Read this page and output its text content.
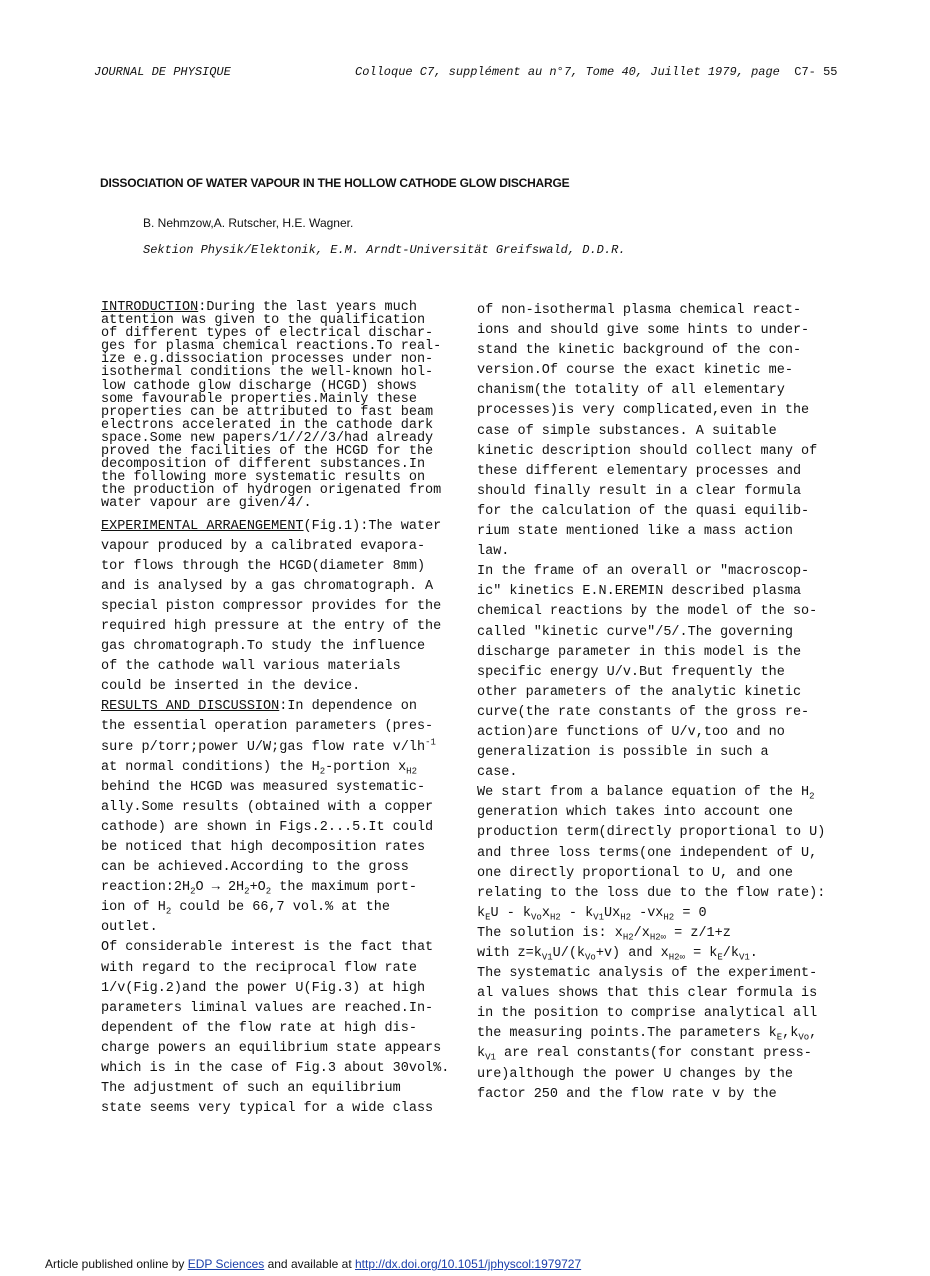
JOURNAL DE PHYSIQUE	Colloque C7, supplément au n°7, Tome 40, Juillet 1979, page C7- 55
DISSOCIATION OF WATER VAPOUR IN THE HOLLOW CATHODE GLOW DISCHARGE
B. Nehmzow,A. Rutscher, H.E. Wagner.
Sektion Physik/Elektonik, E.M. Arndt-Universität Greifswald, D.D.R.
INTRODUCTION:During the last years much
attention was given to the qualification
of different types of electrical dischar-
ges for plasma chemical reactions.To real-
ize e.g.dissociation processes under non-
isothermal conditions the well-known hol-
low cathode glow discharge (HCGD) shows
some favourable properties.Mainly these
properties can be attributed to fast beam
electrons accelerated in the cathode dark
space.Some new papers/1//2//3/had already
proved the facilities of the HCGD for the
decomposition of different substances.In
the following more systematic results on
the production of hydrogen origenated from
water vapour are given/4/.
EXPERIMENTAL ARRAENGEMENT(Fig.1):The water
vapour produced by a calibrated evapora-
tor flows through the HCGD(diameter 8mm)
and is analysed by a gas chromatograph. A
special piston compressor provides for the
required high pressure at the entry of the
gas chromatograph.To study the influence
of the cathode wall various materials
could be inserted in the device.
RESULTS AND DISCUSSION:In dependence on
the essential operation parameters (pres-
sure p/torr;power U/W;gas flow rate $v/lh^{-1}$
at normal conditions) the $H_2$-portion $x_{H2}$
behind the HCGD was measured systematic-
ally.Some results (obtained with a copper
cathode) are shown in Figs.2...5.It could
be noticed that high decomposition rates
can be achieved.According to the gross
$reaction:2H_2O \to 2H_2+O_2$ the maximum port-
ion of $H_2$ could be 66,7 vol.% at the
outlet.
Of considerable interest is the fact that
with regard to the reciprocal flow rate
1/v(Fig.2)and the power U(Fig.3) at high
parameters liminal values are reached.In-
dependent of the flow rate at high dis-
charge powers an equilibrium state appears
which is in the case of Fig.3 about 30vol%.
The adjustment of such an equilibrium
state seems very typical for a wide class
of non-isothermal plasma chemical react-
ions and should give some hints to under-
stand the kinetic background of the con-
version.Of course the exact kinetic me-
chanism(the totality of all elementary
processes)is very complicated,even in the
case of simple substances. A suitable
kinetic description should collect many of
these different elementary processes and
should finally result in a clear formula
for the calculation of the quasi equilib-
rium state mentioned like a mass action
law.
In the frame of an overall or "macroscop-
ic" kinetics E.N.EREMIN described plasma
chemical reactions by the model of the so-
called "kinetic curve"/5/.The governing
discharge parameter in this model is the
specific energy U/v.But frequently the
other parameters of the analytic kinetic
curve(the rate constants of the gross re-
action)are functions of U/v,too and no
generalization is possible in such a
case.
We start from a balance equation of the $H_2$
generation which takes into account one
production term(directly proportional to U)
and three loss terms(one independent of U,
one directly proportional to U, and one
relating to the loss due to the flow rate):
$k_EU - k_{Vo}x_{H2} - k_{V1}Ux_{H2}$ $-vx_{H2} = 0$
The solution is: $x_{H2}/x_{H2\infty} = z/1+z$
with $z=k_{V1}U/(k_{Vo}+v)$ and $x_{H2\infty} = k_E/k_{V1}$.
The systematic analysis of the experiment-
al values shows that this clear formula is
in the position to comprise analytical all
the measuring points.The parameters $k_E,k_{Vo}$,
$k_{V1}$ are real constants(for constant press-
ure)although the power U changes by the
factor 250 and the flow rate v by the
Article published online by EDP Sciences and available at http://dx.doi.org/10.1051/jphyscol:1979727
